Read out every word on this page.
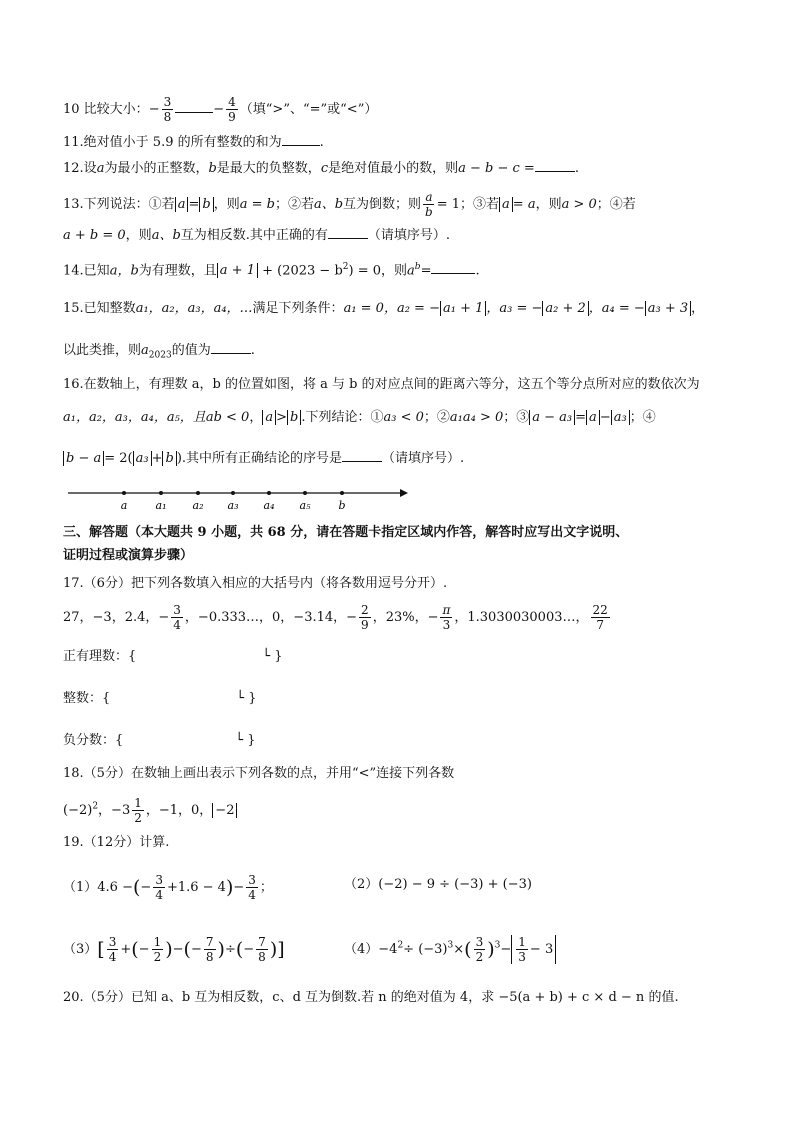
10 比较大小：− $\frac{3}{8}$	− $\frac{4}{9}$ （填“>”、“=”或“<”）
11.绝对值小于 5.9 的所有整数的和为	.
12.设a为最小的正整数，b是最大的负整数，c是绝对值最小的数，则a − b − c =	.
13.下列说法：①若 a = b ，则a = b；②若a、b互为倒数；则 $\frac{a}{b} = 1$；③若 a = a，则a > 0；④若
a + b = 0，则a、b互为相反数.其中正确的有	（请填序号）.
14.已知a，b为有理数，且 $a + 1 + (2023 - b^2) = 0$，则$a^b=$	.
15.已知整数a₁，a₂，a₃，a₄，…满足下列条件：a₁ = 0，a₂ = − a₁ + 1 ，a₃ = − a₂ + 2 ，a₄ = − a₃ + 3 ，
以此类推，则$a_{2023}$的值为	.
16.在数轴上，有理数 a，b 的位置如图，将 a 与 b 的对应点间的距离六等分，这五个等分点所对应的数依次为
a₁，a₂，a₃，a₄，a₅，且ab < 0， a > b .下列结论：①a₃ < 0；②a₁a₄ > 0；③ a − a₃ = a − a₃ ；④
b − a = 2( a₃ + b ).其中所有正确结论的序号是	（请填序号）.
a	a₁ a₂ a₃ a₄ a₅	b
三、解答题（本大题共 9 小题，共 68 分，请在答题卡指定区域内作答，解答时应写出文字说明、
证明过程或演算步骤）
17.（6分）把下列各数填入相应的大括号内（将各数用逗号分开）.
27，−3，2.4，− $\frac{3}{4}$ ，−0.333…，0，−3.14，− $\frac{2}{9}$ ，23%，− $\frac{\pi}{3}$ ，1.3030030003…， $\frac{22}{7}$
正有理数：{	└ }
整数：{	└ }
负分数：{	└ }
18.（5分）在数轴上画出表示下列各数的点，并用“<”连接下列各数
$(-2)^2$，$-3 \frac{1}{2}$ ，−1，0， −2
19.（12分）计算.
（1）4.6 −(− $\frac{3}{4} +1.6 - 4)- \frac{3}{4}$ ；	（2）(−2) − 9 ÷ (−3) + (−3)
$(3)[ \frac{3}{4}$ +(− $\frac{1}{2}$ )−(− $\frac{7}{8}$ )÷(− $\frac{7}{8}$ )]	$(4)-4^2\div (-3)^3\times( \frac{3}{2} )^3- \frac{1}{3} - 3$
20.（5分）已知 a、b 互为相反数，c、d 互为倒数.若 n 的绝对值为 4，求 −5(a + b) + c × d − n 的值.
